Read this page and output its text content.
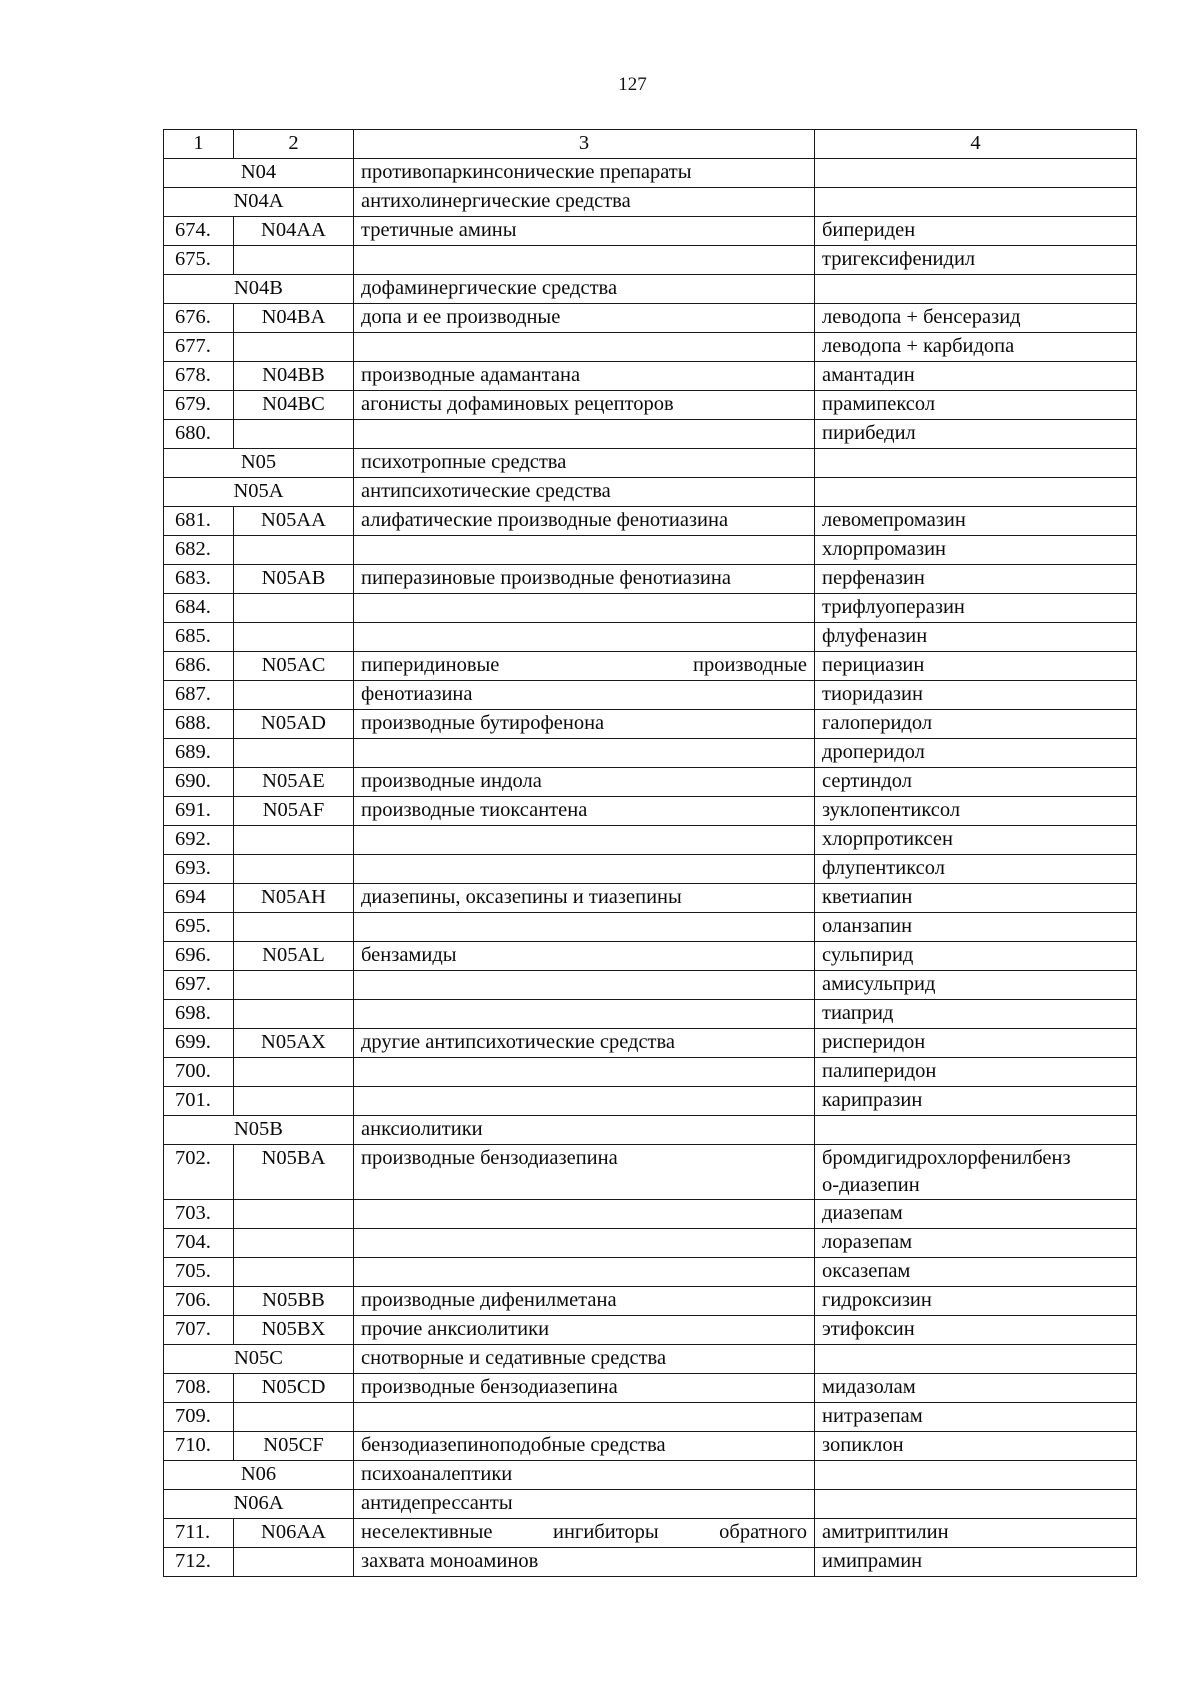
127
1	2	3	4
N04		противопаркинсонические препараты	
N04A		антихолинергические средства	
674.	N04AA	третичные амины	бипериден
675.			тригексифенидил
N04B		дофаминергические средства	
676.	N04BA	допа и ее производные	леводопа + бенсеразид
677.			леводопа + карбидопа
678.	N04BB	производные адамантана	амантадин
679.	N04BC	агонисты дофаминовых рецепторов	прамипексол
680.			пирибедил
N05		психотропные средства	
N05A		антипсихотические средства	
681.	N05AA	алифатические производные фенотиазина	левомепромазин
682.			хлорпромазин
683.	N05AB	пиперазиновые производные фенотиазина	перфеназин
684.			трифлуоперазин
685.			флуфеназин
686.	N05AC	пиперидиновые производные	перициазин
687.		фенотиазина	тиоридазин
688.	N05AD	производные бутирофенона	галоперидол
689.			дроперидол
690.	N05AE	производные индола	сертиндол
691.	N05AF	производные тиоксантена	зуклопентиксол
692.			хлорпротиксен
693.			флупентиксол
694	N05AH	диазепины, оксазепины и тиазепины	кветиапин
695.			оланзапин
696.	N05AL	бензамиды	сульпирид
697.			амисульприд
698.			тиаприд
699.	N05AX	другие антипсихотические средства	рисперидон
700.			палиперидон
701.			карипразин
N05B		анксиолитики	
702.	N05BA	производные бензодиазепина	бромдигидрохлорфенилбенз
о-диазепин

703.			диазепам
704.			лоразепам
705.			оксазепам
706.	N05BB	производные дифенилметана	гидроксизин
707.	N05BX	прочие анксиолитики	этифоксин
N05C		снотворные и седативные средства	
708.	N05CD	производные бензодиазепина	мидазолам
709.			нитразепам
710.	N05CF	бензодиазепиноподобные средства	зопиклон
N06		психоаналептики	
N06A		антидепрессанты	
711.	N06AA	неселективные ингибиторы обратного	амитриптилин
712.		захвата моноаминов	имипрамин
